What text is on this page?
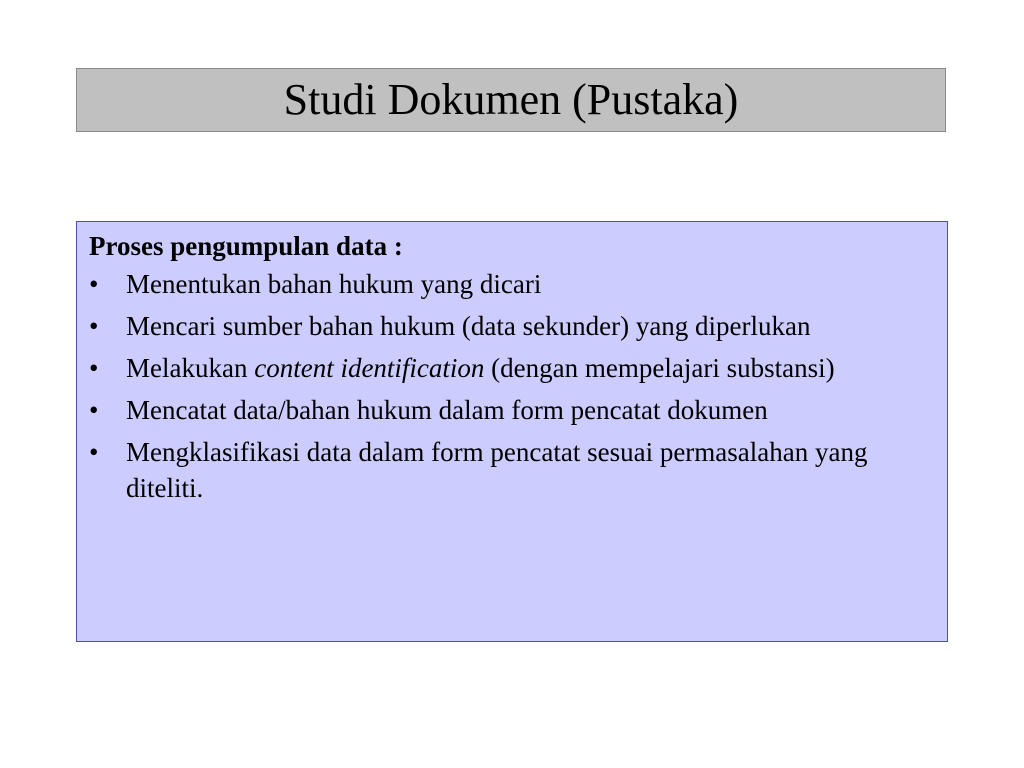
Studi Dokumen (Pustaka)
Proses pengumpulan data :
• Menentukan bahan hukum yang dicari
• Mencari sumber bahan hukum (data sekunder) yang diperlukan
• Melakukan content identification (dengan mempelajari substansi)
• Mencatat data/bahan hukum dalam form pencatat dokumen
• Mengklasifikasi data dalam form pencatat sesuai permasalahan yang diteliti.
